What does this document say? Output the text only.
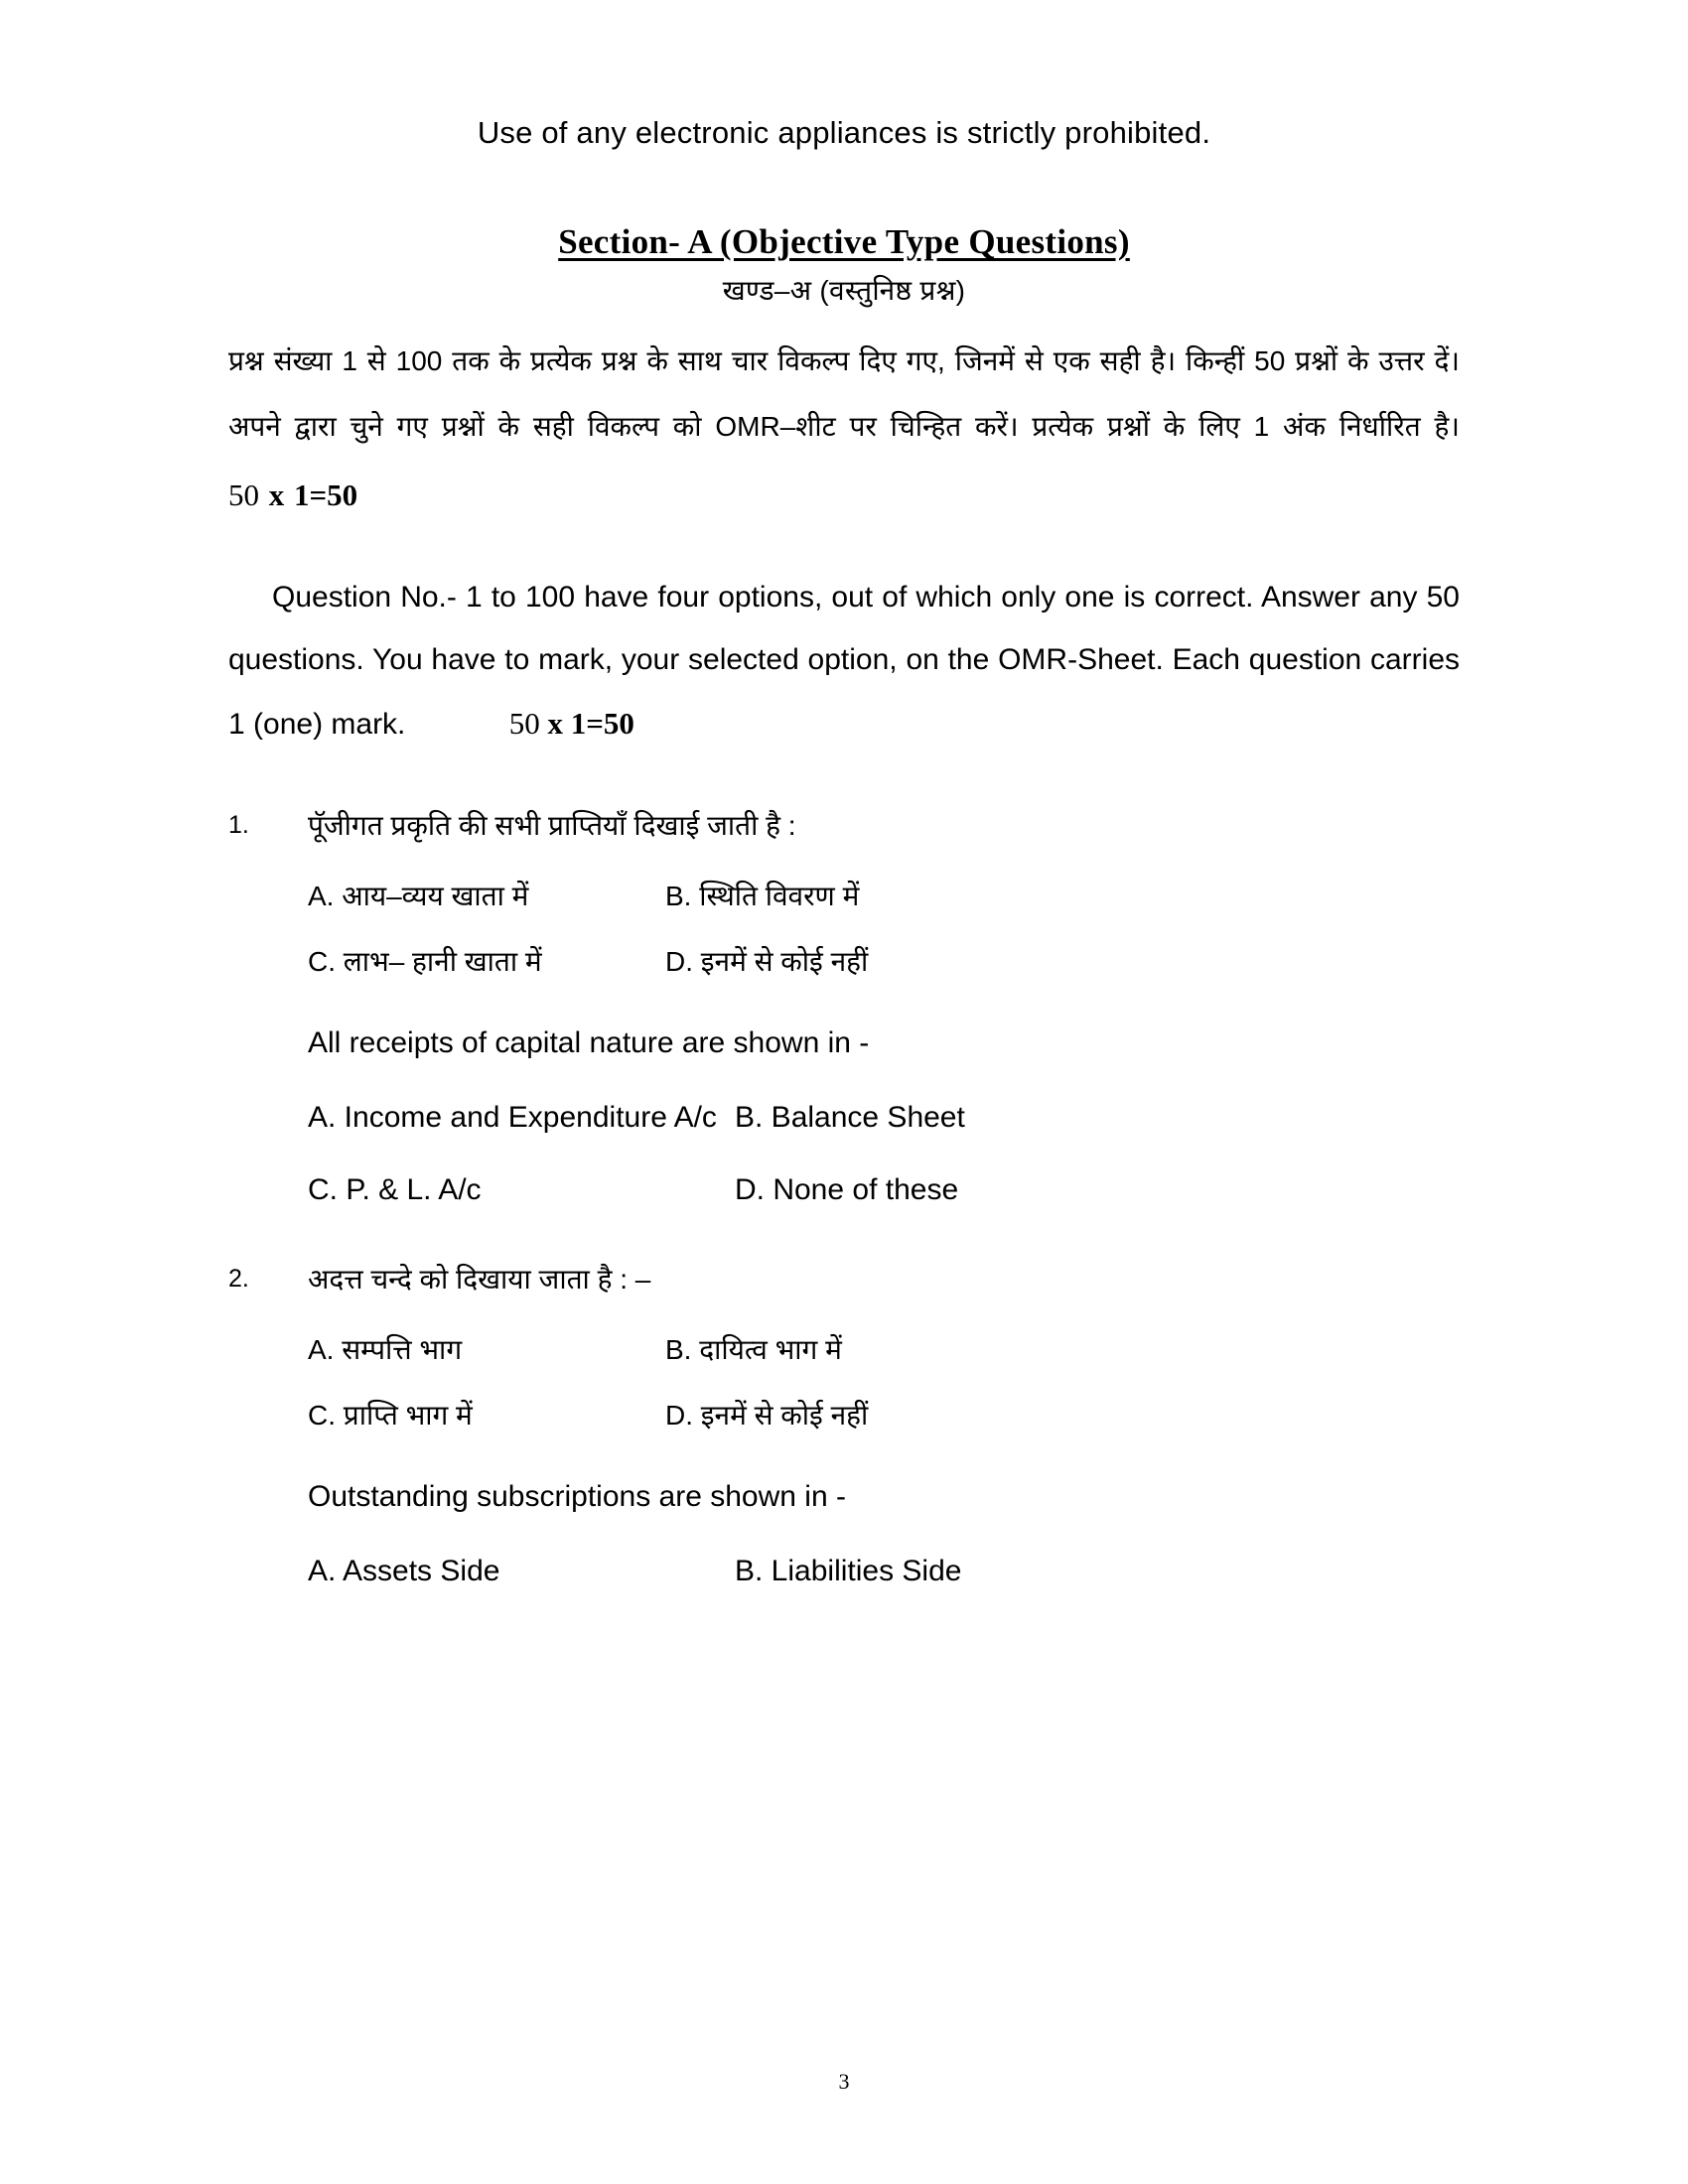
Use of any electronic appliances is strictly prohibited.
Section- A (Objective Type Questions)
खण्ड–अ (वस्तुनिष्ठ प्रश्न)
प्रश्न संख्या 1 से 100 तक के प्रत्येक प्रश्न के साथ चार विकल्प दिए गए, जिनमें से एक सही है। किन्हीं 50 प्रश्नों के उत्तर दें। अपने द्वारा चुने गए प्रश्नों के सही विकल्प को OMR–शीट पर चिन्हित करें। प्रत्येक प्रश्नों के लिए 1 अंक निर्धारित है। 50 x 1=50
Question No.- 1 to 100 have four options, out of which only one is correct. Answer any 50 questions. You have to mark, your selected option, on the OMR-Sheet. Each question carries 1 (one) mark.	50 x 1=50
1.	पूॅजीगत प्रकृति की सभी प्राप्तियाँ दिखाई जाती है :
A. आय–व्यय खाता में	B. स्थिति विवरण में
C. लाभ– हानी खाता में	D. इनमें से कोई नहीं
All receipts of capital nature are shown in -
A. Income and Expenditure A/c B. Balance Sheet
C. P. & L. A/c	D. None of these
2.	अदत्त चन्दे को दिखाया जाता है : –
A. सम्पत्ति भाग	B. दायित्व भाग में
C. प्राप्ति भाग में	D. इनमें से कोई नहीं
Outstanding subscriptions are shown in -
A. Assets Side	B. Liabilities Side
3
